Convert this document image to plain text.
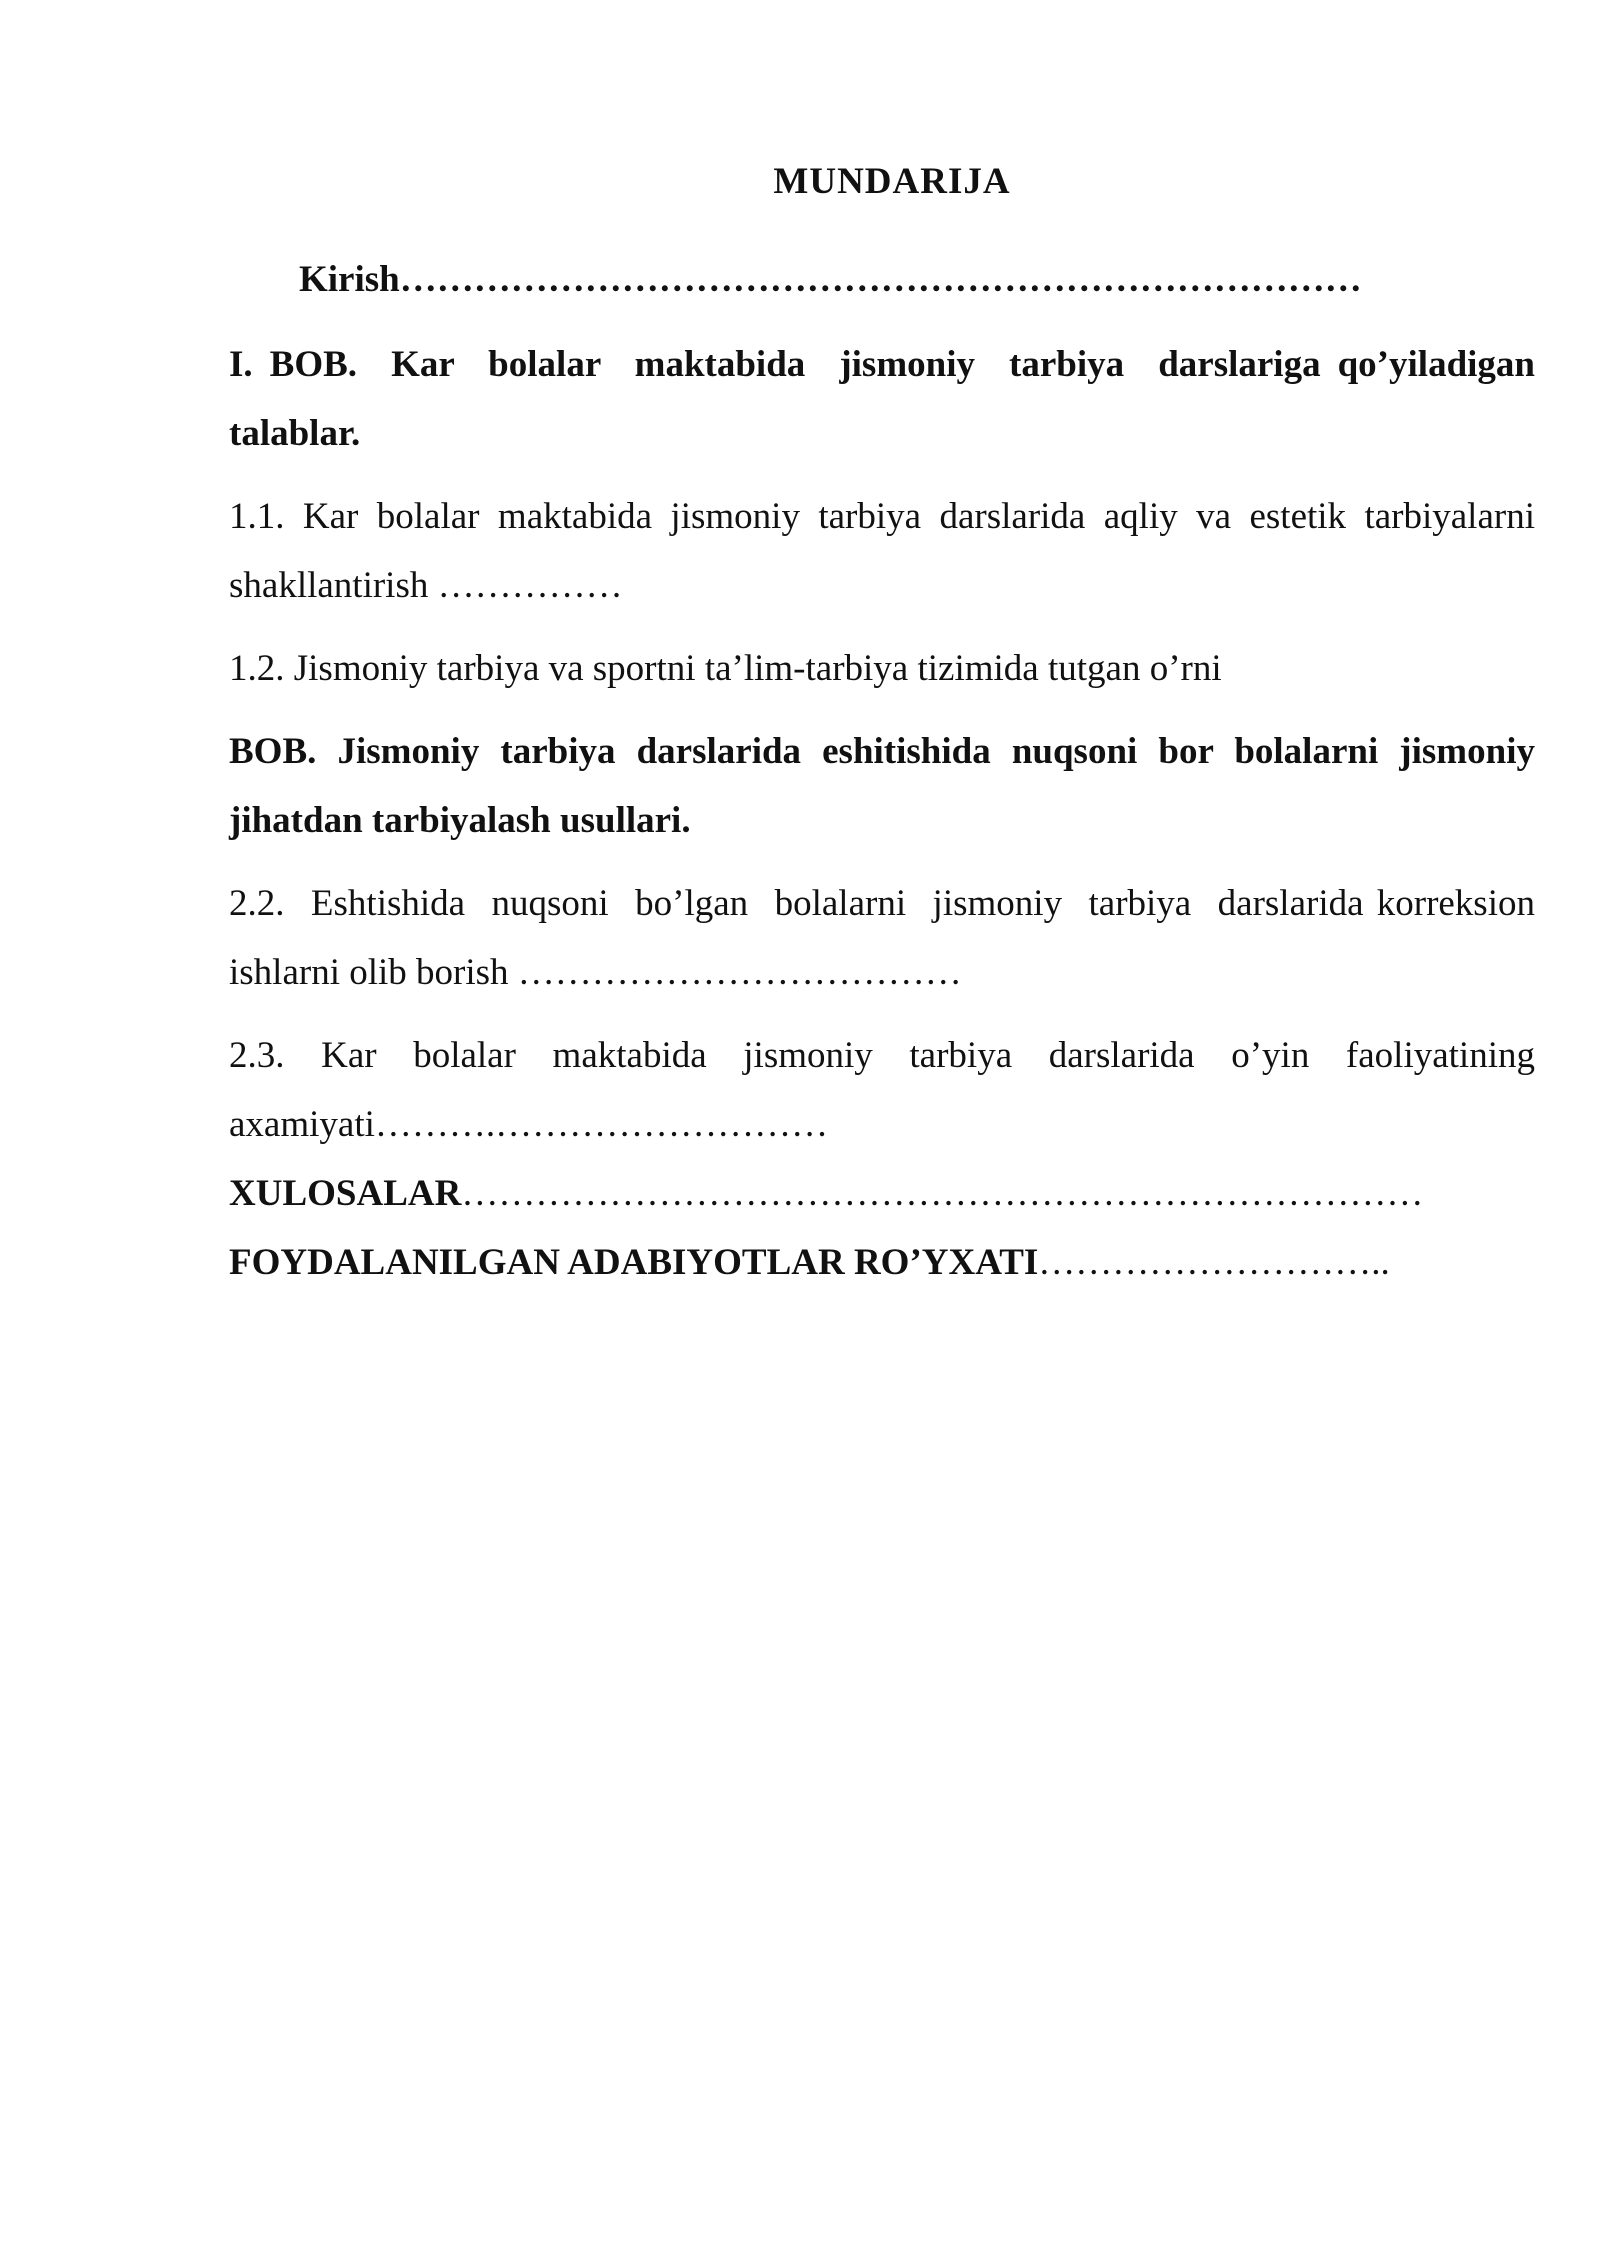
MUNDARIJA
Kirish……………………………………………………………………
I. BOB.  Kar  bolalar  maktabida  jismoniy  tarbiya  darslariga qo’yiladigan talablar.
1.1. Kar bolalar maktabida jismoniy tarbiya darslarida aqliy va estetik tarbiyalarni shakllantirish ……………
1.2. Jismoniy tarbiya va sportni ta’lim-tarbiya tizimida tutgan o’rni
BOB. Jismoniy tarbiya darslarida eshitishida nuqsoni bor bolalarni jismoniy jihatdan tarbiyalash usullari.
2.2.  Eshtishida  nuqsoni  bo’lgan  bolalarni  jismoniy  tarbiya  darslarida korreksion ishlarni olib borish ………………………………
2.3. Kar bolalar maktabida jismoniy tarbiya darslarida o’yin faoliyatining axamiyati……….………………………
XULOSALAR……………………………………………………………………
FOYDALANILGAN ADABIYOTLAR RO’YXATI………………………..
